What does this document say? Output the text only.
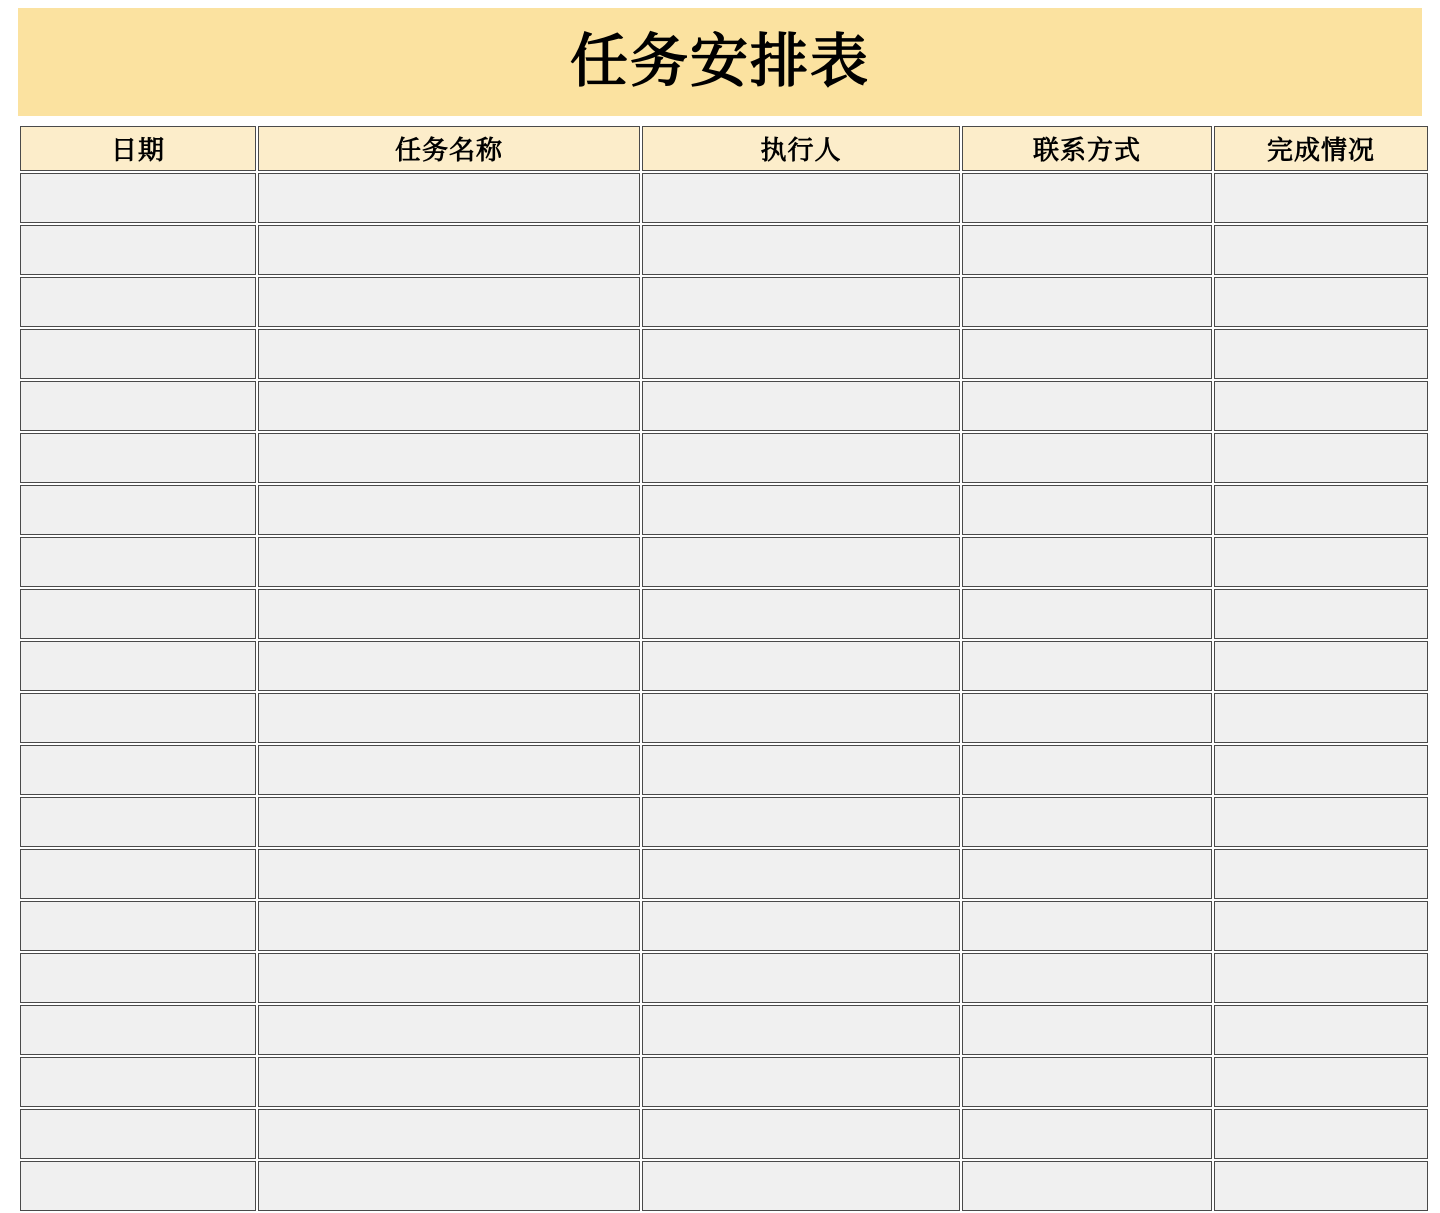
任务安排表
日期	任务名称	执行人	联系方式	完成情况
